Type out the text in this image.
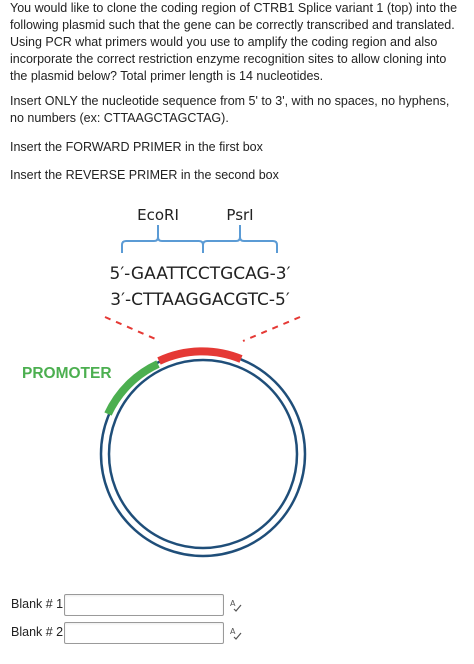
You would like to clone the coding region of CTRB1 Splice variant 1 (top) into the following plasmid such that the gene can be correctly transcribed and translated. Using PCR what primers would you use to amplify the coding region and also incorporate the correct restriction enzyme recognition sites to allow cloning into the plasmid below? Total primer length is 14 nucleotides.

Insert ONLY the nucleotide sequence from 5' to 3', with no spaces, no hyphens, no numbers (ex: CTTAAGCTAGCTAG).

Insert the FORWARD PRIMER in the first box

Insert the REVERSE PRIMER in the second box

EcoRI	PsrI
5′-GAATTCCTGCAG-3′
3′-CTTAAGGACGTC-5′
PROMOTER
Blank # 1	A
Blank # 2	A
